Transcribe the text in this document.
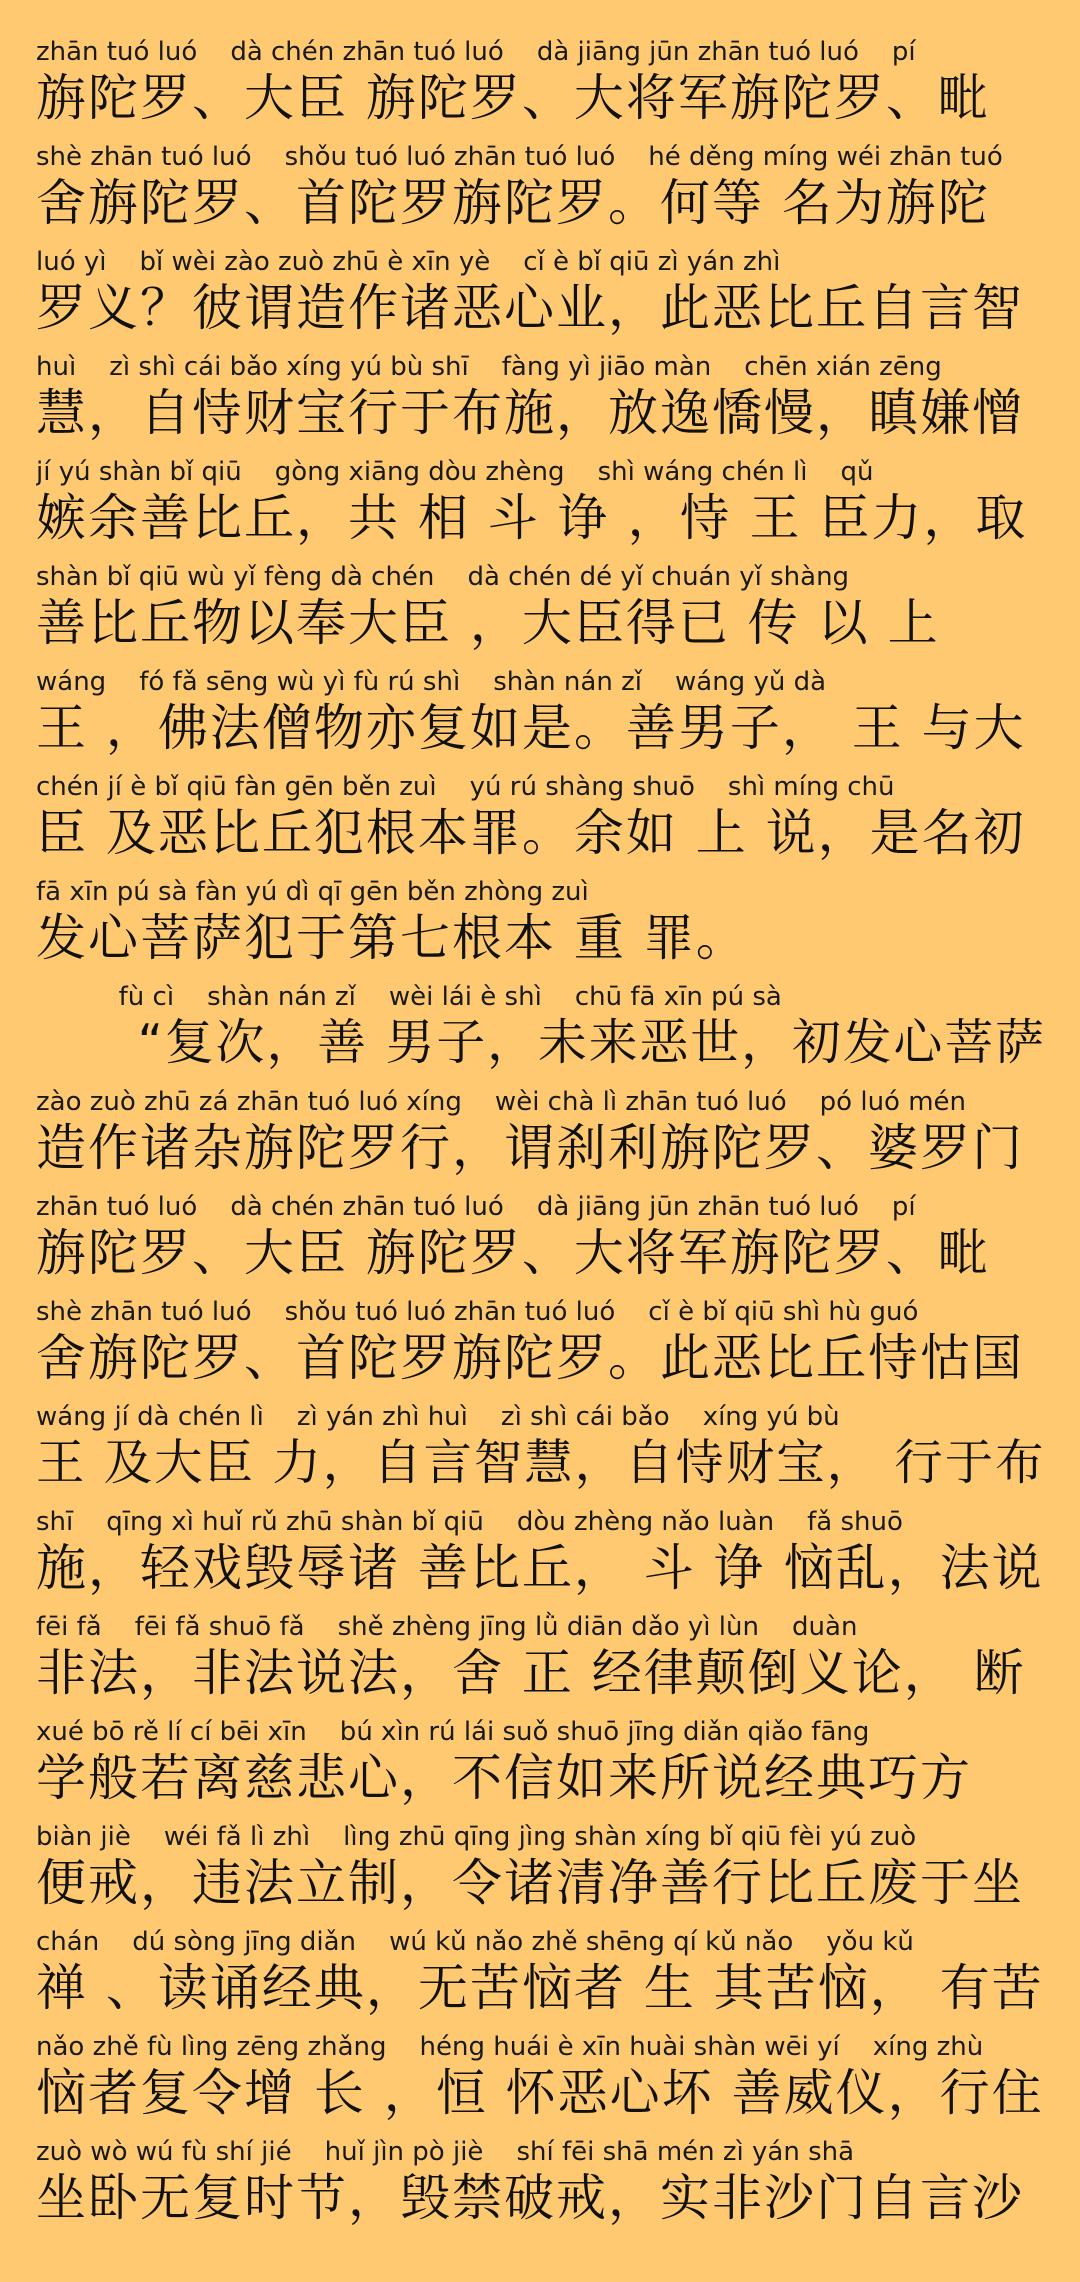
zhān tuó luó    dà chén zhān tuó luó    dà jiāng jūn zhān tuó luó    pí
旃陀罗、大臣 旃陀罗、大将军旃陀罗、毗
shè zhān tuó luó    shǒu tuó luó zhān tuó luó    hé děng míng wéi zhān tuó
舍旃陀罗、首陀罗旃陀罗。何等 名为旃陀
luó yì    bǐ wèi zào zuò zhū è xīn yè    cǐ è bǐ qiū zì yán zhì
罗义？彼谓造作诸恶心业，此恶比丘自言智
huì    zì shì cái bǎo xíng yú bù shī    fàng yì jiāo màn    chēn xián zēng
慧，自恃财宝行于布施，放逸憍慢，瞋嫌憎
jí yú shàn bǐ qiū    gòng xiāng dòu zhèng    shì wáng chén lì    qǔ
嫉余善比丘，共 相 斗 诤 ，恃 王 臣力，取
shàn bǐ qiū wù yǐ fèng dà chén    dà chén dé yǐ chuán yǐ shàng
善比丘物以奉大臣 ，大臣得已 传 以 上
wáng    fó fǎ sēng wù yì fù rú shì    shàn nán zǐ    wáng yǔ dà
王 ，佛法僧物亦复如是。善男子， 王 与大
chén jí è bǐ qiū fàn gēn běn zuì    yú rú shàng shuō    shì míng chū
臣 及恶比丘犯根本罪。余如 上 说，是名初
fā xīn pú sà fàn yú dì qī gēn běn zhòng zuì
发心菩萨犯于第七根本 重 罪。
fù cì    shàn nán zǐ    wèi lái è shì    chū fā xīn pú sà
　　“复次，善 男子，未来恶世，初发心菩萨
zào zuò zhū zá zhān tuó luó xíng    wèi chà lì zhān tuó luó    pó luó mén
造作诸杂旃陀罗行，谓刹利旃陀罗、婆罗门
zhān tuó luó    dà chén zhān tuó luó    dà jiāng jūn zhān tuó luó    pí
旃陀罗、大臣 旃陀罗、大将军旃陀罗、毗
shè zhān tuó luó    shǒu tuó luó zhān tuó luó    cǐ è bǐ qiū shì hù guó
舍旃陀罗、首陀罗旃陀罗。此恶比丘恃怙国
wáng jí dà chén lì    zì yán zhì huì    zì shì cái bǎo    xíng yú bù
王 及大臣 力，自言智慧，自恃财宝， 行于布
shī    qīng xì huǐ rǔ zhū shàn bǐ qiū    dòu zhèng nǎo luàn    fǎ shuō
施，轻戏毁辱诸 善比丘， 斗 诤 恼乱，法说
fēi fǎ    fēi fǎ shuō fǎ    shě zhèng jīng lǜ diān dǎo yì lùn    duàn
非法，非法说法，舍 正 经律颠倒义论， 断
xué bō rě lí cí bēi xīn    bú xìn rú lái suǒ shuō jīng diǎn qiǎo fāng
学般若离慈悲心，不信如来所说经典巧方
biàn jiè    wéi fǎ lì zhì    lìng zhū qīng jìng shàn xíng bǐ qiū fèi yú zuò
便戒，违法立制，令诸清净善行比丘废于坐
chán    dú sòng jīng diǎn    wú kǔ nǎo zhě shēng qí kǔ nǎo    yǒu kǔ
禅 、读诵经典，无苦恼者 生 其苦恼， 有苦
nǎo zhě fù lìng zēng zhǎng    héng huái è xīn huài shàn wēi yí    xíng zhù
恼者复令增 长 ，恒 怀恶心坏 善威仪，行住
zuò wò wú fù shí jié    huǐ jìn pò jiè    shí fēi shā mén zì yán shā
坐卧无复时节，毁禁破戒，实非沙门自言沙
